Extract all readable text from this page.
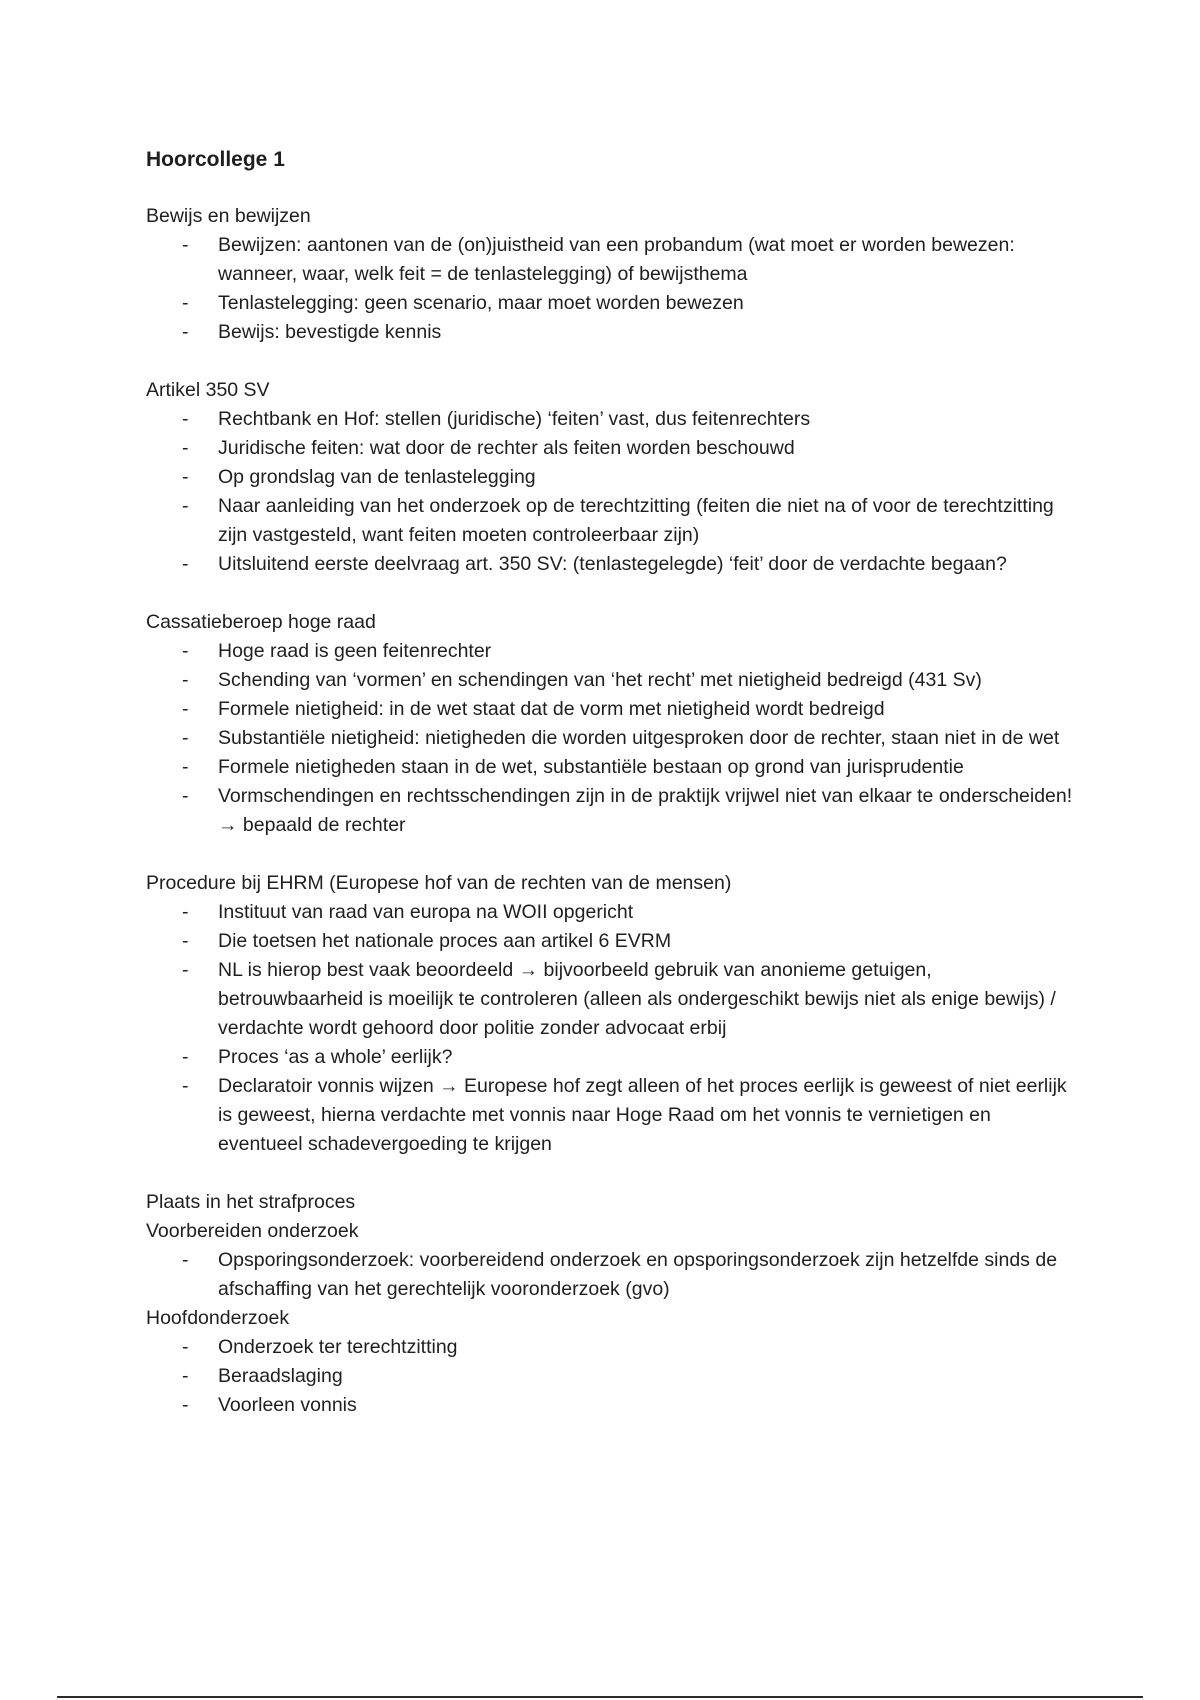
Hoorcollege 1

Bewijs en bewijzen

- Bewijzen: aantonen van de (on)juistheid van een probandum (wat moet er worden bewezen: wanneer, waar, welk feit = de tenlastelegging) of bewijsthema
- Tenlastelegging: geen scenario, maar moet worden bewezen
- Bewijs: bevestigde kennis

Artikel 350 SV

- Rechtbank en Hof: stellen (juridische) ‘feiten’ vast, dus feitenrechters
- Juridische feiten: wat door de rechter als feiten worden beschouwd
- Op grondslag van de tenlastelegging
- Naar aanleiding van het onderzoek op de terechtzitting (feiten die niet na of voor de terechtzitting zijn vastgesteld, want feiten moeten controleerbaar zijn)
- Uitsluitend eerste deelvraag art. 350 SV: (tenlastegelegde) ‘feit’ door de verdachte begaan?

Cassatieberoep hoge raad

- Hoge raad is geen feitenrechter
- Schending van ‘vormen’ en schendingen van ‘het recht’ met nietigheid bedreigd (431 Sv)
- Formele nietigheid: in de wet staat dat de vorm met nietigheid wordt bedreigd
- Substantiële nietigheid: nietigheden die worden uitgesproken door de rechter, staan niet in de wet
- Formele nietigheden staan in de wet, substantiële bestaan op grond van jurisprudentie
- Vormschendingen en rechtsschendingen zijn in de praktijk vrijwel niet van elkaar te onderscheiden! → bepaald de rechter

Procedure bij EHRM (Europese hof van de rechten van de mensen)

- Instituut van raad van europa na WOII opgericht
- Die toetsen het nationale proces aan artikel 6 EVRM
- NL is hierop best vaak beoordeeld → bijvoorbeeld gebruik van anonieme getuigen, betrouwbaarheid is moeilijk te controleren (alleen als ondergeschikt bewijs niet als enige bewijs) / verdachte wordt gehoord door politie zonder advocaat erbij
- Proces ‘as a whole’ eerlijk?
- Declaratoir vonnis wijzen → Europese hof zegt alleen of het proces eerlijk is geweest of niet eerlijk is geweest, hierna verdachte met vonnis naar Hoge Raad om het vonnis te vernietigen en eventueel schadevergoeding te krijgen

Plaats in het strafproces

Voorbereiden onderzoek

- Opsporingsonderzoek: voorbereidend onderzoek en opsporingsonderzoek zijn hetzelfde sinds de afschaffing van het gerechtelijk vooronderzoek (gvo)

Hoofdonderzoek

- Onderzoek ter terechtzitting
- Beraadslaging
- Voorleen vonnis
